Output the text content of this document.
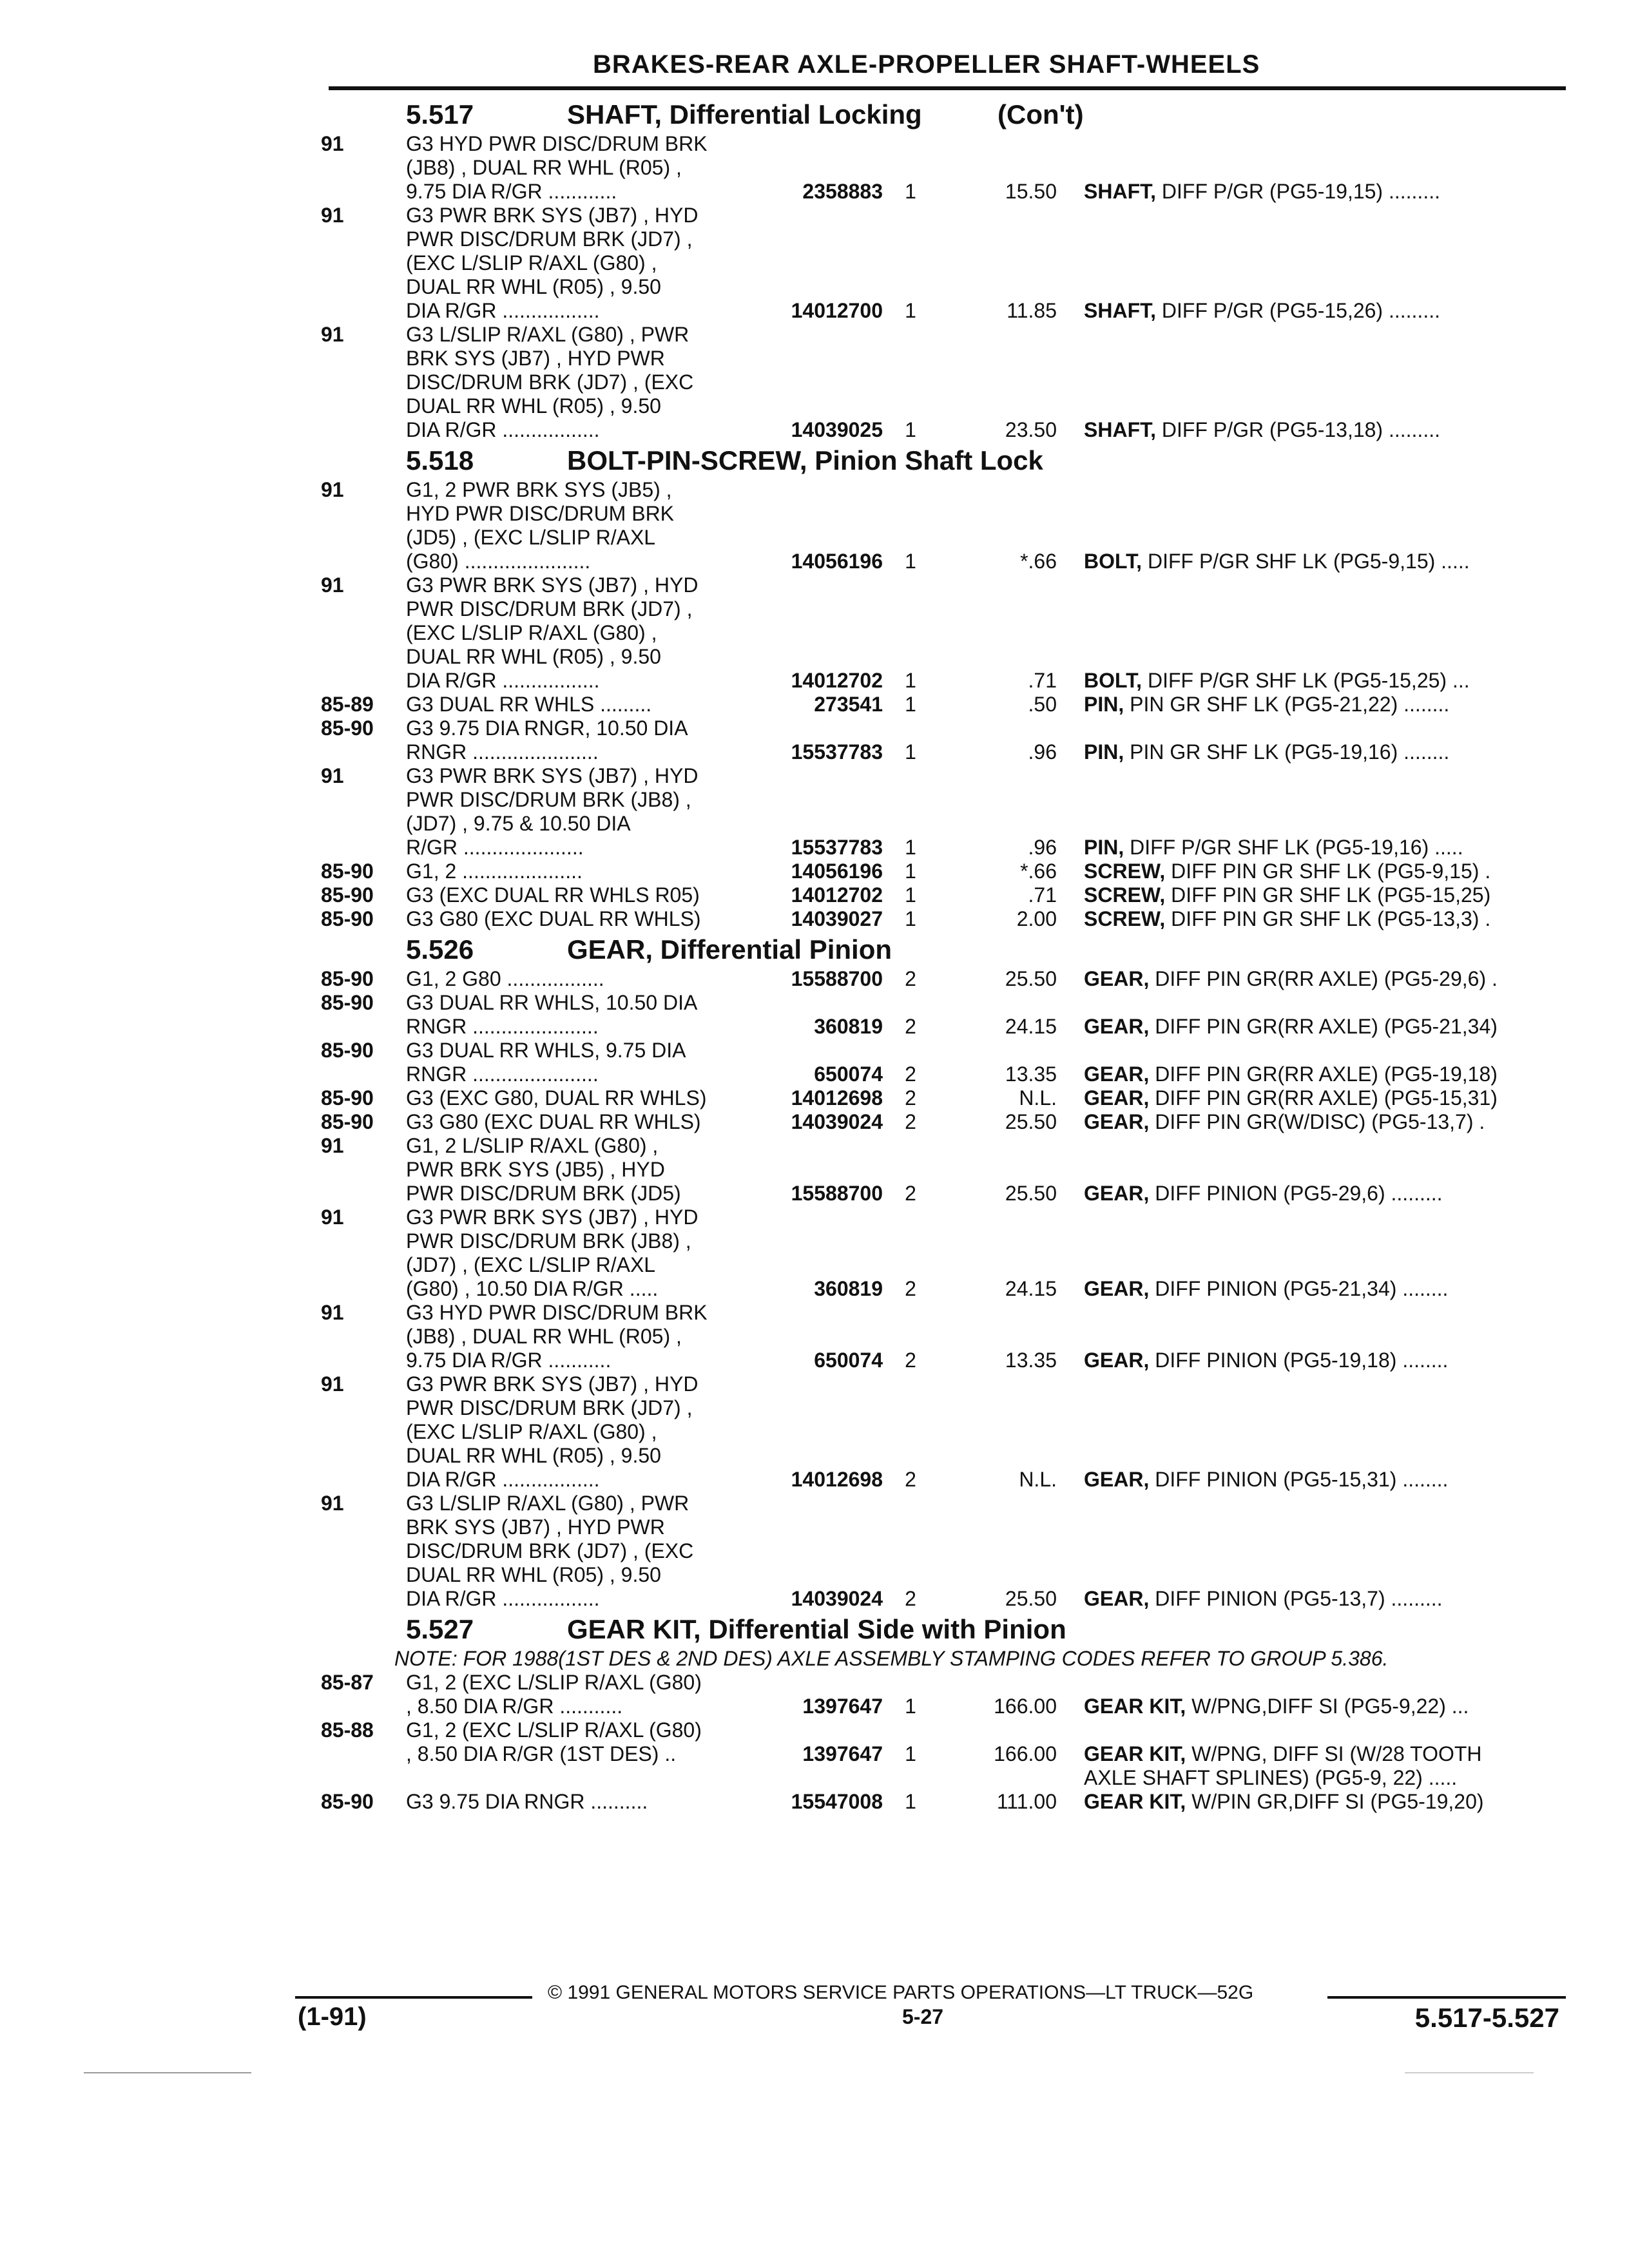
BRAKES-REAR AXLE-PROPELLER SHAFT-WHEELS
5.517	SHAFT, Differential Locking	(Con't)
91	G3 HYD PWR DISC/DRUM BRK
(JB8) , DUAL RR WHL (R05) ,
9.75 DIA R/GR ............	2358883 1	15.50 SHAFT, DIFF P/GR (PG5-19,15) .........
91	G3 PWR BRK SYS (JB7) , HYD
PWR DISC/DRUM BRK (JD7) ,
(EXC L/SLIP R/AXL (G80) ,
DUAL RR WHL (R05) , 9.50
DIA R/GR .................	14012700 1	11.85 SHAFT, DIFF P/GR (PG5-15,26) .........
91	G3 L/SLIP R/AXL (G80) , PWR
BRK SYS (JB7) , HYD PWR
DISC/DRUM BRK (JD7) , (EXC
DUAL RR WHL (R05) , 9.50
DIA R/GR .................	14039025 1	23.50 SHAFT, DIFF P/GR (PG5-13,18) .........
5.518	BOLT-PIN-SCREW, Pinion Shaft Lock
91	G1, 2 PWR BRK SYS (JB5) ,
HYD PWR DISC/DRUM BRK
(JD5) , (EXC L/SLIP R/AXL
(G80) ......................	14056196 1	*.66 BOLT, DIFF P/GR SHF LK (PG5-9,15) .....
91	G3 PWR BRK SYS (JB7) , HYD
PWR DISC/DRUM BRK (JD7) ,
(EXC L/SLIP R/AXL (G80) ,
DUAL RR WHL (R05) , 9.50
DIA R/GR .................	14012702 1	.71 BOLT, DIFF P/GR SHF LK (PG5-15,25) ...
85-89	G3 DUAL RR WHLS .........	273541 1	.50 PIN, PIN GR SHF LK (PG5-21,22) ........
85-90	G3 9.75 DIA RNGR, 10.50 DIA
RNGR ......................	15537783 1	.96 PIN, PIN GR SHF LK (PG5-19,16) ........
91	G3 PWR BRK SYS (JB7) , HYD
PWR DISC/DRUM BRK (JB8) ,
(JD7) , 9.75 & 10.50 DIA
R/GR .....................	15537783 1	.96 PIN, DIFF P/GR SHF LK (PG5-19,16) .....
85-90	G1, 2 .....................	14056196 1	*.66 SCREW, DIFF PIN GR SHF LK (PG5-9,15) .
85-90	G3 (EXC DUAL RR WHLS R05)	14012702 1	.71 SCREW, DIFF PIN GR SHF LK (PG5-15,25)
85-90	G3 G80 (EXC DUAL RR WHLS)	14039027 1	2.00 SCREW, DIFF PIN GR SHF LK (PG5-13,3) .
5.526	GEAR, Differential Pinion
85-90	G1, 2 G80 .................	15588700 2	25.50 GEAR, DIFF PIN GR(RR AXLE) (PG5-29,6) .
85-90	G3 DUAL RR WHLS, 10.50 DIA
RNGR ......................	360819 2	24.15 GEAR, DIFF PIN GR(RR AXLE) (PG5-21,34)
85-90	G3 DUAL RR WHLS, 9.75 DIA
RNGR ......................	650074 2	13.35 GEAR, DIFF PIN GR(RR AXLE) (PG5-19,18)
85-90	G3 (EXC G80, DUAL RR WHLS)	14012698 2	N.L. GEAR, DIFF PIN GR(RR AXLE) (PG5-15,31)
85-90	G3 G80 (EXC DUAL RR WHLS)	14039024 2	25.50 GEAR, DIFF PIN GR(W/DISC) (PG5-13,7) .
91	G1, 2 L/SLIP R/AXL (G80) ,
PWR BRK SYS (JB5) , HYD
PWR DISC/DRUM BRK (JD5)	15588700 2	25.50 GEAR, DIFF PINION (PG5-29,6) .........
91	G3 PWR BRK SYS (JB7) , HYD
PWR DISC/DRUM BRK (JB8) ,
(JD7) , (EXC L/SLIP R/AXL
(G80) , 10.50 DIA R/GR .....	360819 2	24.15 GEAR, DIFF PINION (PG5-21,34) ........
91	G3 HYD PWR DISC/DRUM BRK
(JB8) , DUAL RR WHL (R05) ,
9.75 DIA R/GR ...........	650074 2	13.35 GEAR, DIFF PINION (PG5-19,18) ........
91	G3 PWR BRK SYS (JB7) , HYD
PWR DISC/DRUM BRK (JD7) ,
(EXC L/SLIP R/AXL (G80) ,
DUAL RR WHL (R05) , 9.50
DIA R/GR .................	14012698 2	N.L. GEAR, DIFF PINION (PG5-15,31) ........
91	G3 L/SLIP R/AXL (G80) , PWR
BRK SYS (JB7) , HYD PWR
DISC/DRUM BRK (JD7) , (EXC
DUAL RR WHL (R05) , 9.50
DIA R/GR .................	14039024 2	25.50 GEAR, DIFF PINION (PG5-13,7) .........
5.527	GEAR KIT, Differential Side with Pinion
NOTE: FOR 1988(1ST DES & 2ND DES) AXLE ASSEMBLY STAMPING CODES REFER TO GROUP 5.386.
85-87	G1, 2 (EXC L/SLIP R/AXL (G80)
, 8.50 DIA R/GR ...........	1397647 1	166.00 GEAR KIT, W/PNG,DIFF SI (PG5-9,22) ...
85-88	G1, 2 (EXC L/SLIP R/AXL (G80)
, 8.50 DIA R/GR (1ST DES) ..	1397647 1	166.00 GEAR KIT, W/PNG, DIFF SI (W/28 TOOTH
AXLE SHAFT SPLINES) (PG5-9, 22) .....
85-90	G3 9.75 DIA RNGR ..........	15547008 1	111.00 GEAR KIT, W/PIN GR,DIFF SI (PG5-19,20)
© 1991 GENERAL MOTORS SERVICE PARTS OPERATIONS—LT TRUCK—52G
(1-91)	5-27	5.517-5.527
